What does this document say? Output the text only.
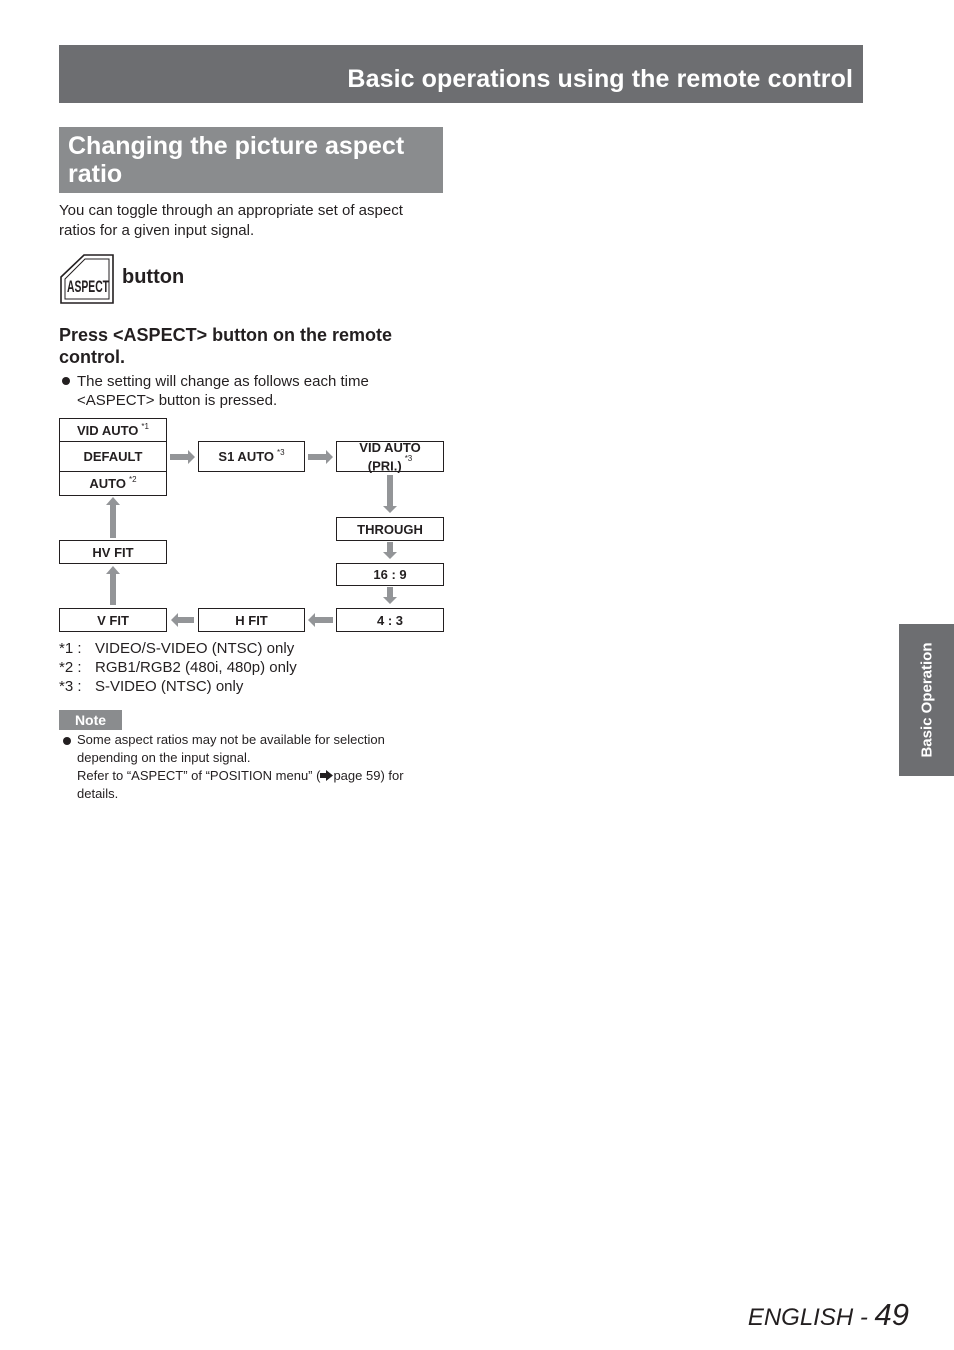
Basic operations using the remote control
Changing the picture aspect ratio
You can toggle through an appropriate set of aspect ratios for a given input signal.
ASPECT button
Press <ASPECT> button on the remote control.
The setting will change as follows each time <ASPECT> button is pressed.
VID AUTO $^{*1}$
DEFAULT
AUTO $^{*2}$
S1 AUTO $^{*3}$	VID AUTO
(PRI.) $^{*3}$
THROUGH
16 : 9
4 : 3
H FIT
V FIT
HV FIT
*1 : VIDEO/S-VIDEO (NTSC) only
*2 : RGB1/RGB2 (480i, 480p) only
*3 : S-VIDEO (NTSC) only
Note
Some aspect ratios may not be available for selection depending on the input signal.
Refer to “ASPECT” of “POSITION menu” ( page 59) for details.
Basic Operation
ENGLISH - 49
